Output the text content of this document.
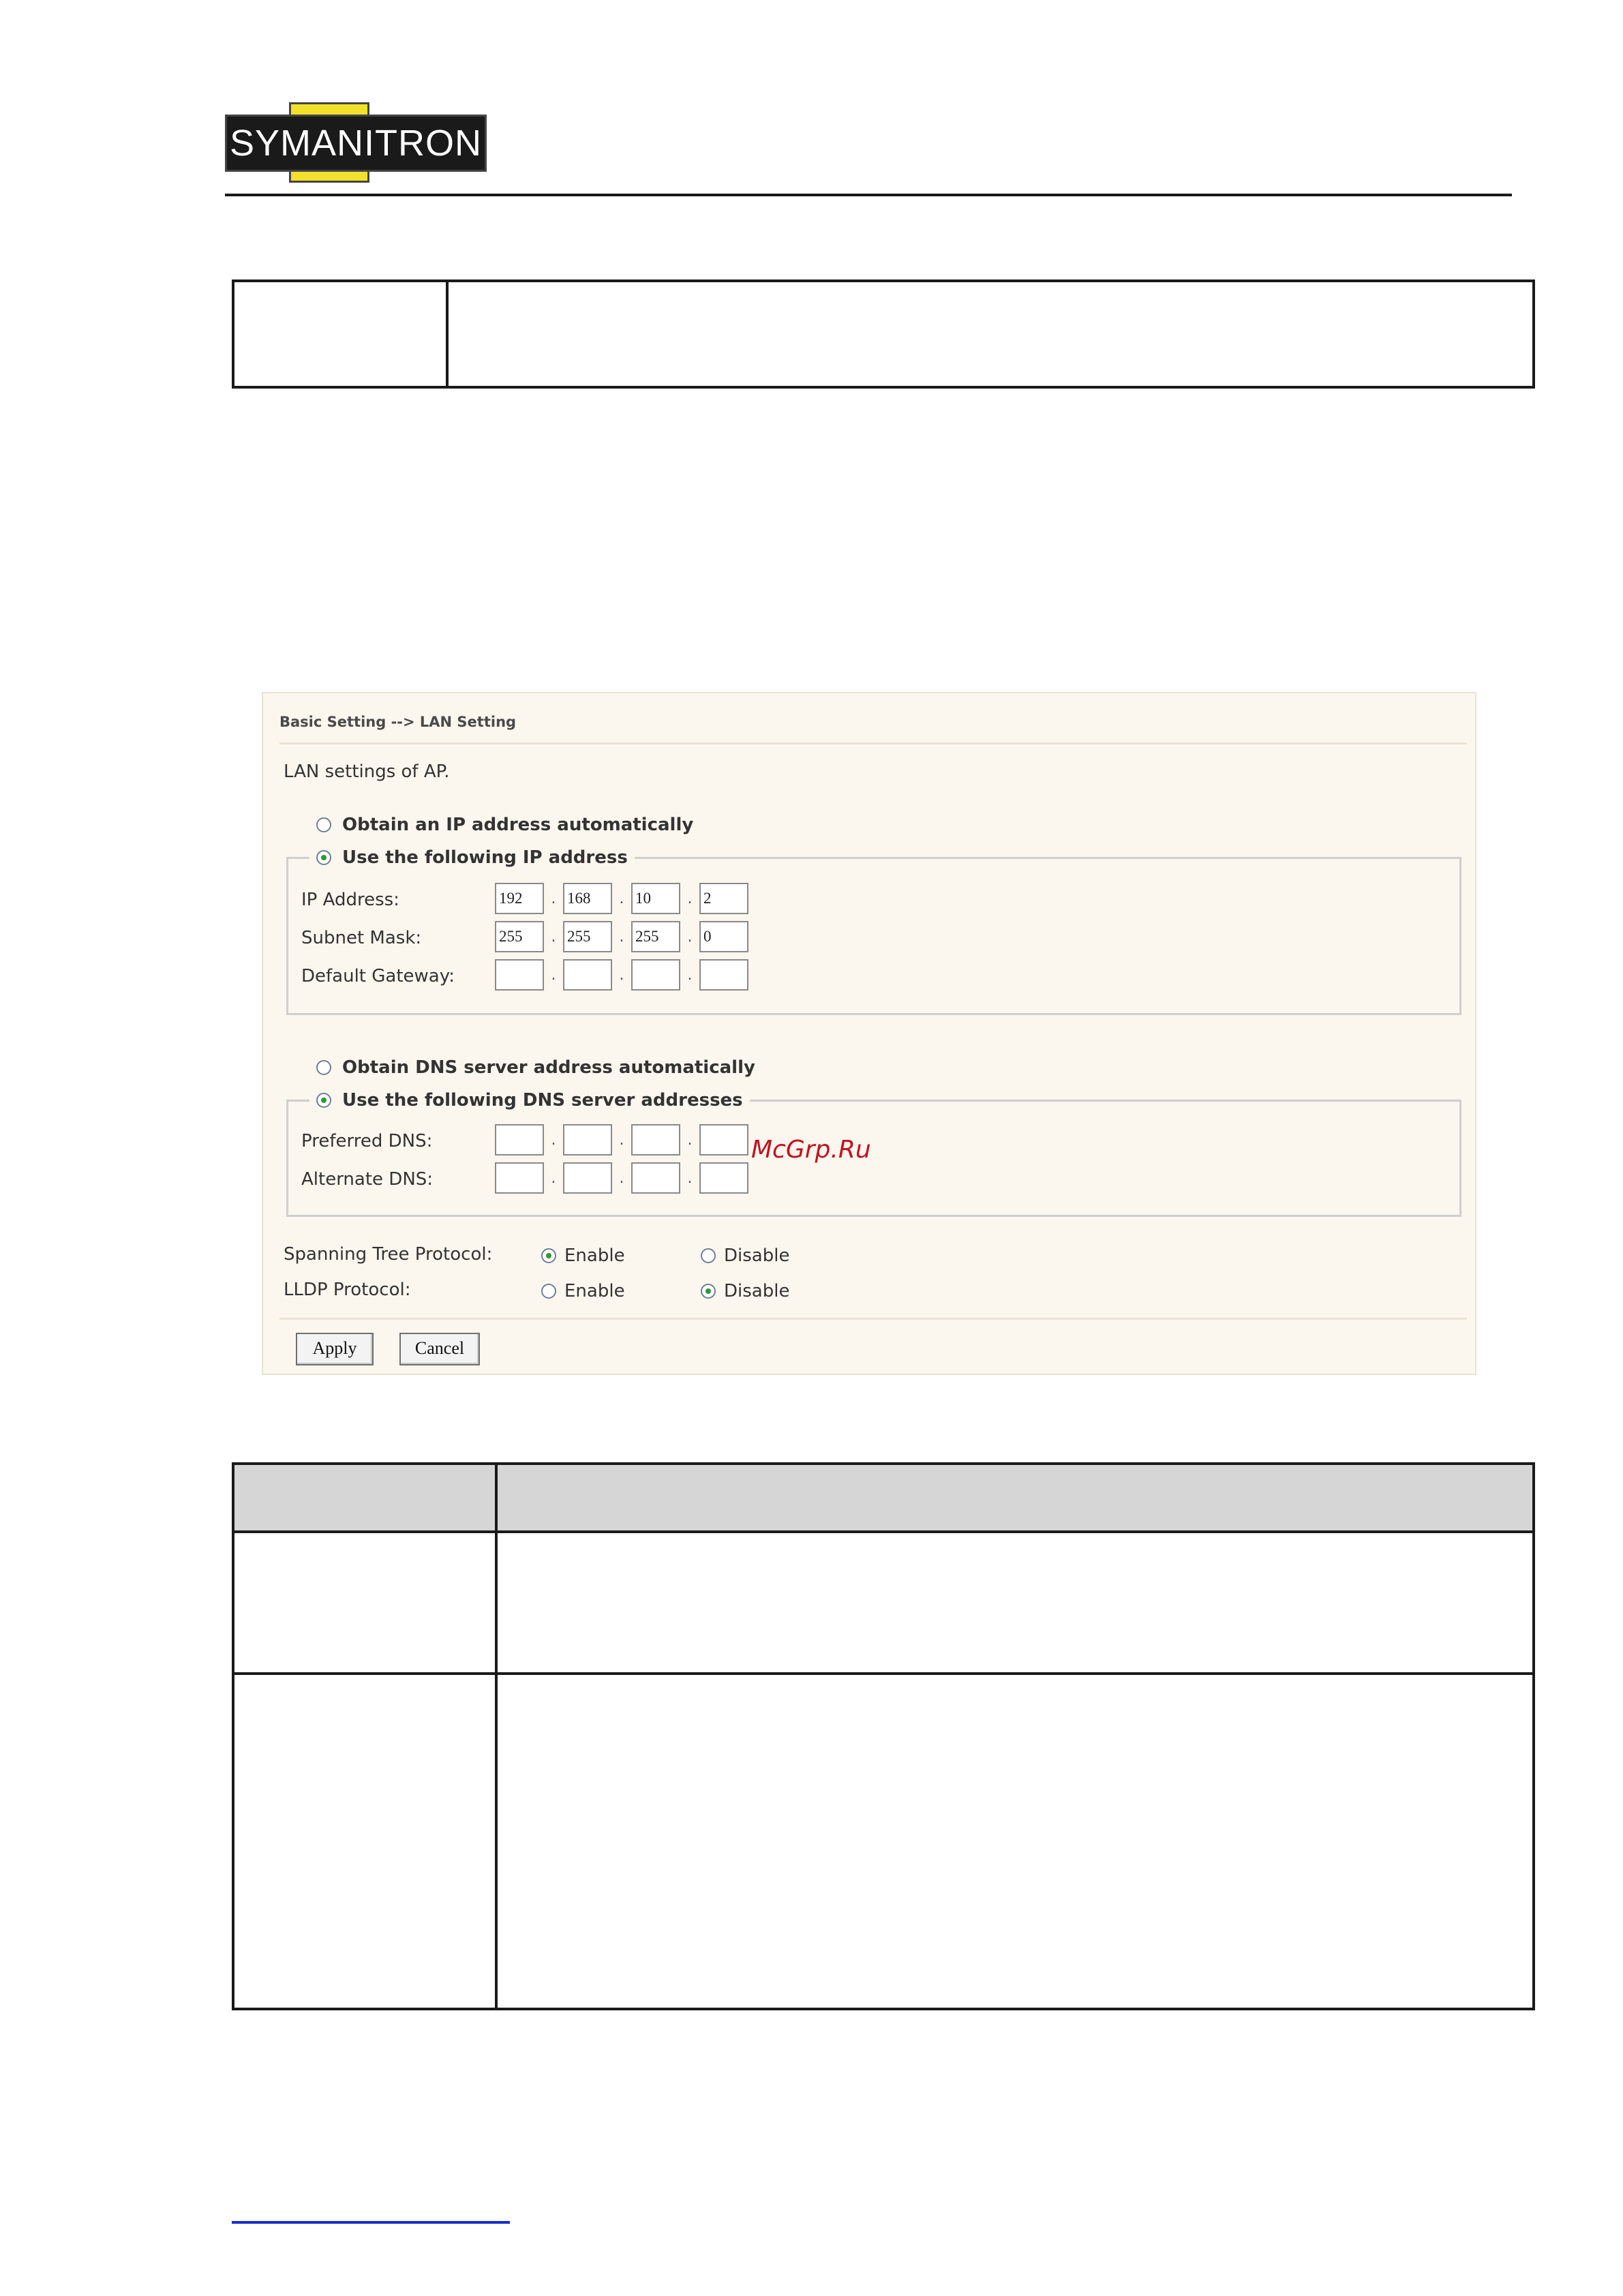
SYMANITRON

Basic Setting --> LAN Setting
LAN settings of AP.
Obtain an IP address automatically
Use the following IP address
IP Address:	192	. 168	. 10	. 2
Subnet Mask:	255	. 255	. 255	. 0
Default Gateway:	.	.	.
Obtain DNS server address automatically
Use the following DNS server addresses
Preferred DNS:	.	.	.
Alternate DNS:	.	.	.
Spanning Tree Protocol:	Enable	Disable
LLDP Protocol:	Enable	Disable
Apply	Cancel
McGrp.Ru
